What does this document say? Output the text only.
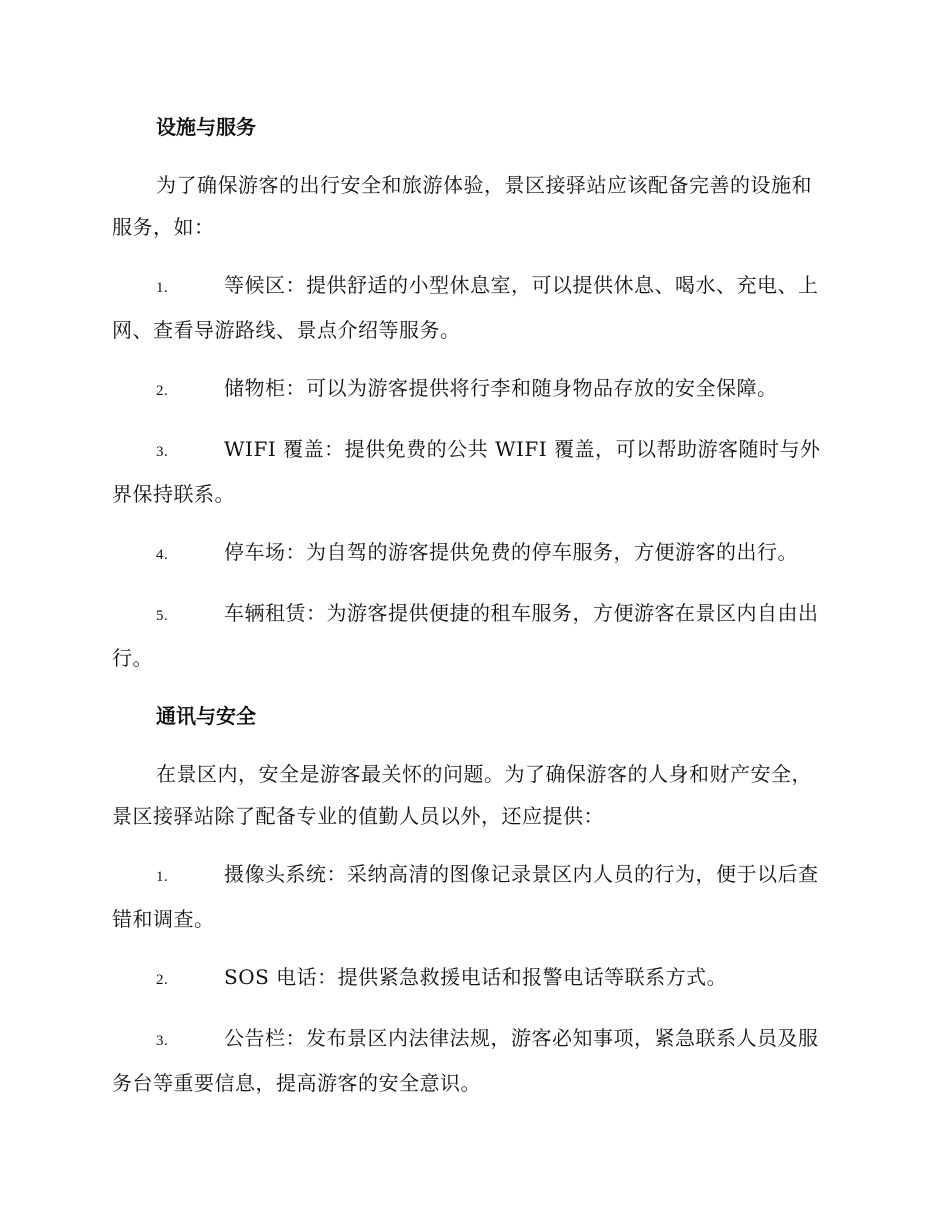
设施与服务

为了确保游客的出行安全和旅游体验，景区接驿站应该配备完善的设施和服务，如：

1.	等候区：提供舒适的小型休息室，可以提供休息、喝水、充电、上网、查看导游路线、景点介绍等服务。
2.	储物柜：可以为游客提供将行李和随身物品存放的安全保障。
3.	WIFI 覆盖：提供免费的公共 WIFI 覆盖，可以帮助游客随时与外界保持联系。
4.	停车场：为自驾的游客提供免费的停车服务，方便游客的出行。
5.	车辆租赁：为游客提供便捷的租车服务，方便游客在景区内自由出行。
通讯与安全

在景区内，安全是游客最关怀的问题。为了确保游客的人身和财产安全，景区接驿站除了配备专业的值勤人员以外，还应提供：

1.	摄像头系统：采纳高清的图像记录景区内人员的行为，便于以后查错和调查。
2.	SOS 电话：提供紧急救援电话和报警电话等联系方式。
3.	公告栏：发布景区内法律法规，游客必知事项，紧急联系人员及服务台等重要信息，提高游客的安全意识。
